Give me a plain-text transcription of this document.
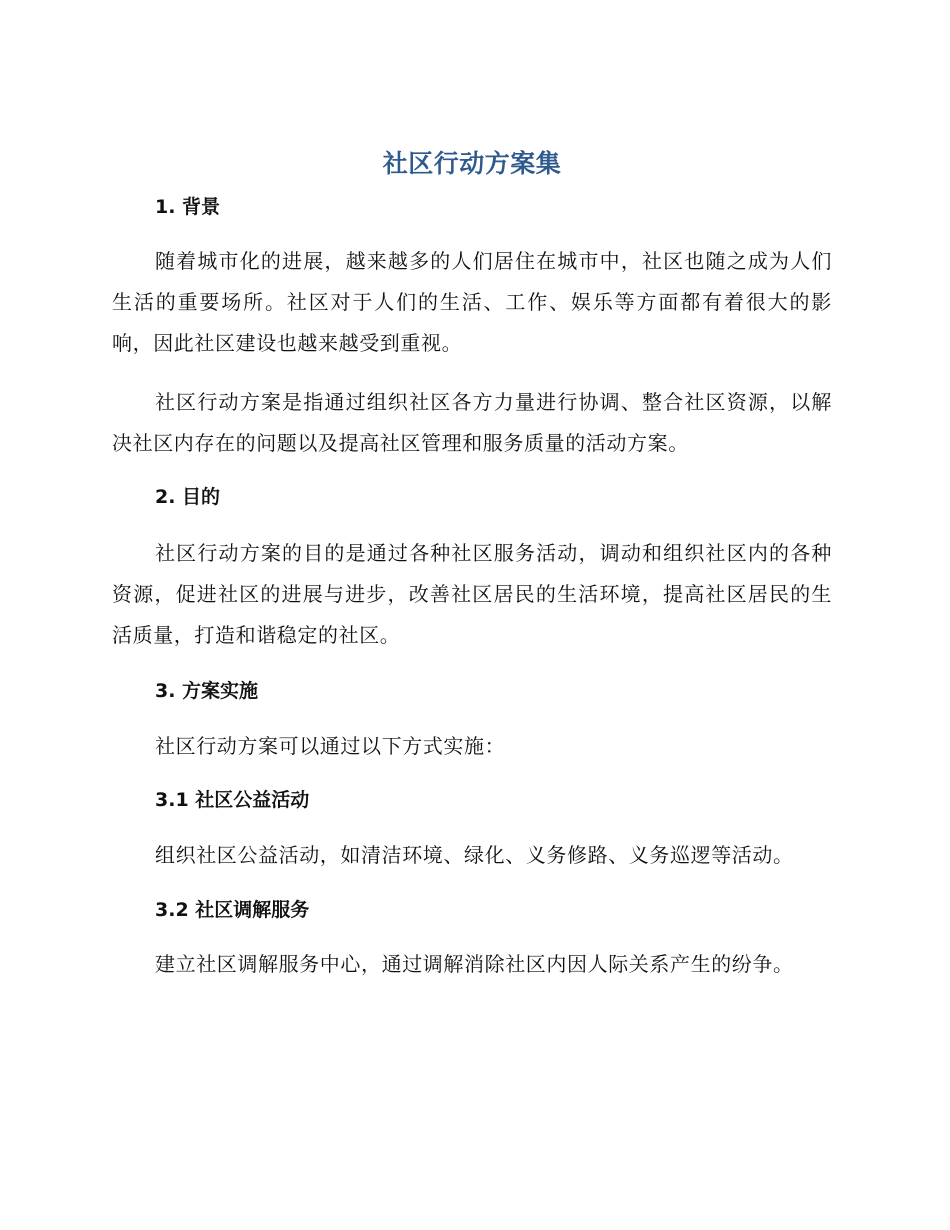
社区行动方案集
1. 背景

随着城市化的进展，越来越多的人们居住在城市中，社区也随之成为人们生活的重要场所。社区对于人们的生活、工作、娱乐等方面都有着很大的影响，因此社区建设也越来越受到重视。

社区行动方案是指通过组织社区各方力量进行协调、整合社区资源，以解决社区内存在的问题以及提高社区管理和服务质量的活动方案。

2. 目的

社区行动方案的目的是通过各种社区服务活动，调动和组织社区内的各种资源，促进社区的进展与进步，改善社区居民的生活环境，提高社区居民的生活质量，打造和谐稳定的社区。

3. 方案实施

社区行动方案可以通过以下方式实施：

3.1 社区公益活动

组织社区公益活动，如清洁环境、绿化、义务修路、义务巡逻等活动。

3.2 社区调解服务

建立社区调解服务中心，通过调解消除社区内因人际关系产生的纷争。
